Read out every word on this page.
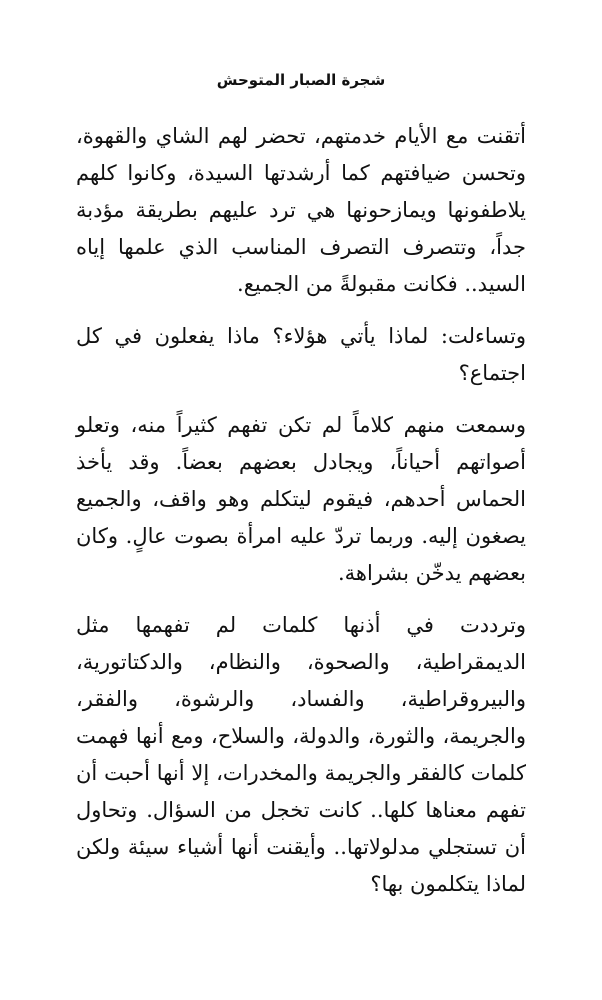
شجرة الصبار المتوحش

أتقنت مع الأيام خدمتهم، تحضر لهم الشاي والقهوة، وتحسن ضيافتهم كما أرشدتها السيدة، وكانوا كلهم يلاطفونها ويمازحونها هي ترد عليهم بطريقة مؤدبة جداً، وتتصرف التصرف المناسب الذي علمها إياه السيد.. فكانت مقبولةً من الجميع.

وتساءلت: لماذا يأتي هؤلاء؟ ماذا يفعلون في كل اجتماع؟

وسمعت منهم كلاماً لم تكن تفهم كثيراً منه، وتعلو أصواتهم أحياناً، ويجادل بعضهم بعضاً. وقد يأخذ الحماس أحدهم، فيقوم ليتكلم وهو واقف، والجميع يصغون إليه. وربما تردّ عليه امرأة بصوت عالٍ. وكان بعضهم يدخّن بشراهة.

وترددت في أذنها كلمات لم تفهمها مثل الديمقراطية، والصحوة، والنظام، والدكتاتورية، والبيروقراطية، والفساد، والرشوة، والفقر، والجريمة، والثورة، والدولة، والسلاح، ومع أنها فهمت كلمات كالفقر والجريمة والمخدرات، إلا أنها أحبت أن تفهم معناها كلها.. كانت تخجل من السؤال. وتحاول أن تستجلي مدلولاتها.. وأيقنت أنها أشياء سيئة ولكن لماذا يتكلمون بها؟
